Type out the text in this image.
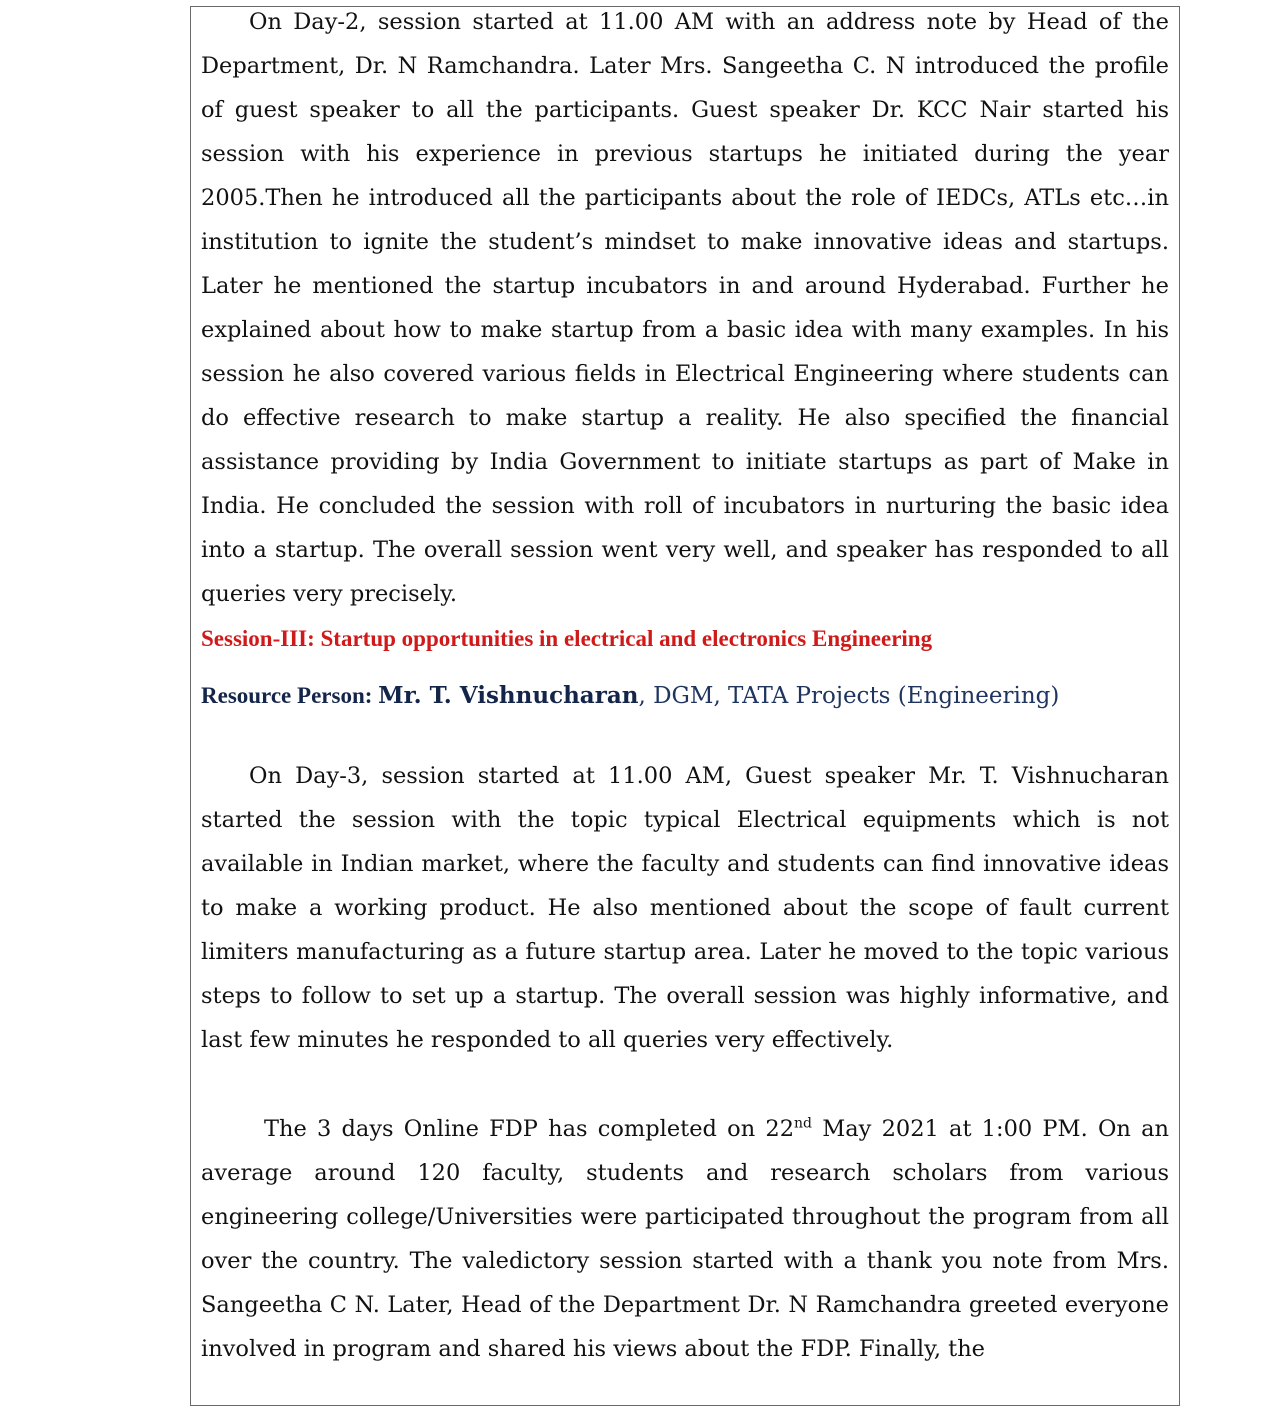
On Day-2, session started at 11.00 AM with an address note by Head of the Department, Dr. N Ramchandra. Later Mrs. Sangeetha C. N introduced the profile of guest speaker to all the participants. Guest speaker Dr. KCC Nair started his session with his experience in previous startups he initiated during the year 2005.Then he introduced all the participants about the role of IEDCs, ATLs etc…in institution to ignite the student’s mindset to make innovative ideas and startups. Later he mentioned the startup incubators in and around Hyderabad. Further he explained about how to make startup from a basic idea with many examples. In his session he also covered various fields in Electrical Engineering where students can do effective research to make startup a reality. He also specified the financial assistance providing by India Government to initiate startups as part of Make in India. He concluded the session with roll of incubators in nurturing the basic idea into a startup. The overall session went very well, and speaker has responded to all queries very precisely.

Session-III: Startup opportunities in electrical and electronics Engineering

Resource Person: Mr. T. Vishnucharan, DGM, TATA Projects (Engineering)

On Day-3, session started at 11.00 AM, Guest speaker Mr. T. Vishnucharan started the session with the topic typical Electrical equipments which is not available in Indian market, where the faculty and students can find innovative ideas to make a working product. He also mentioned about the scope of fault current limiters manufacturing as a future startup area. Later he moved to the topic various steps to follow to set up a startup. The overall session was highly informative, and last few minutes he responded to all queries very effectively.

The 3 days Online FDP has completed on 22nd May 2021 at 1:00 PM. On an average around 120 faculty, students and research scholars from various engineering college/Universities were participated throughout the program from all over the country. The valedictory session started with a thank you note from Mrs. Sangeetha C N. Later, Head of the Department Dr. N Ramchandra greeted everyone involved in program and shared his views about the FDP. Finally, the
